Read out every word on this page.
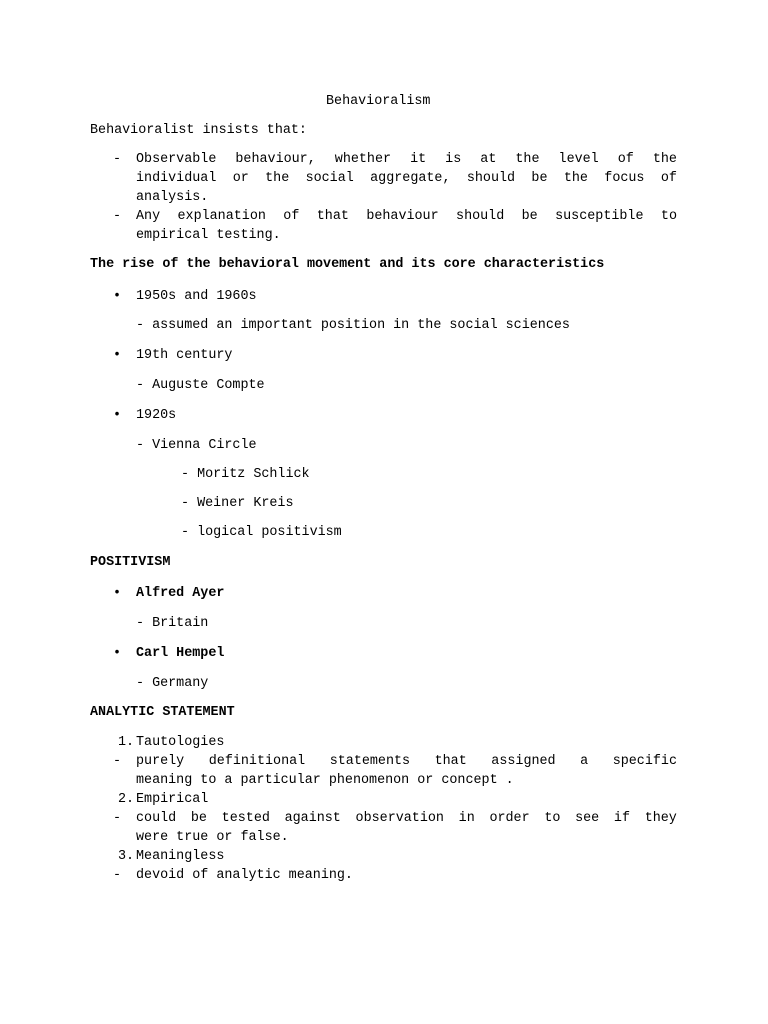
Behavioralism
Behavioralist insists that:
- Observable behaviour, whether it is at the level of the
individual or the social aggregate, should be the focus of
analysis.
- Any explanation of that behaviour should be susceptible to
empirical testing.
The rise of the behavioral movement and its core characteristics
• 1950s and 1960s
- assumed an important position in the social sciences
• 19th century
- Auguste Compte
• 1920s
- Vienna Circle
- Moritz Schlick
- Weiner Kreis
- logical positivism
POSITIVISM
• Alfred Ayer
- Britain
• Carl Hempel
- Germany
ANALYTIC STATEMENT
1. Tautologies
- purely definitional statements that assigned a specific
meaning to a particular phenomenon or concept .
2. Empirical
- could be tested against observation in order to see if they
were true or false.
3. Meaningless
- devoid of analytic meaning.
